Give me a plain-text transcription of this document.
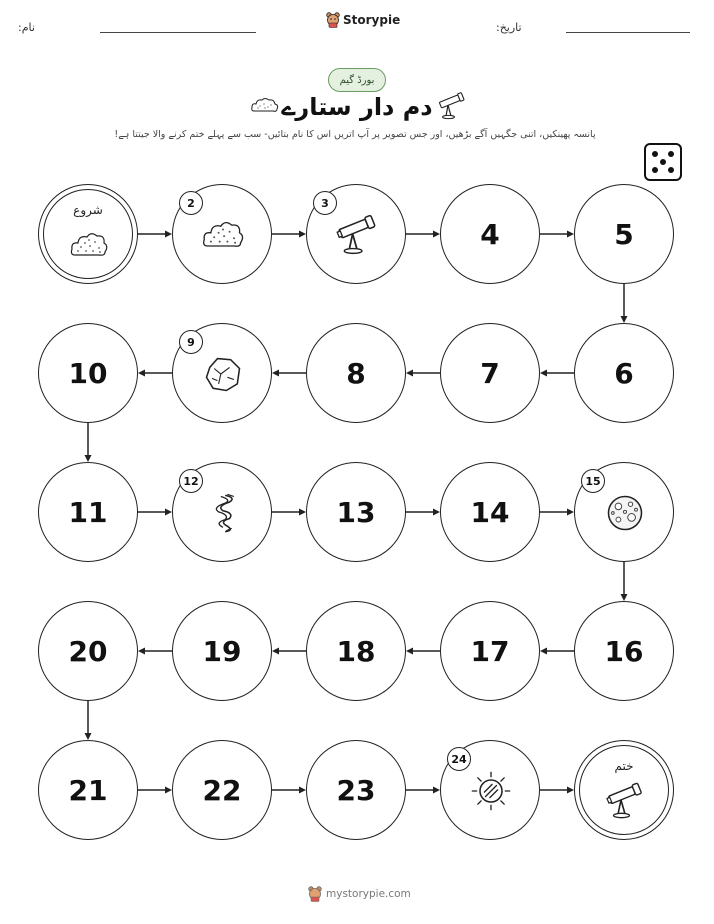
نام:
Storypie
تاریخ:
بورڈ گیم
دم دار ستارے
پانسہ پھینکیں، اتنی جگہیں آگے بڑھیں، اور جس تصویر پر آپ اتریں اس کا نام بتائیں- سب سے پہلے ختم کرنے والا جیتتا ہے!
شروع	2	3
4	5
6
7
8
9
10
11
12
13	14
15
16
17
18
19
20
21	22	23
24	ختم
mystorypie.com
